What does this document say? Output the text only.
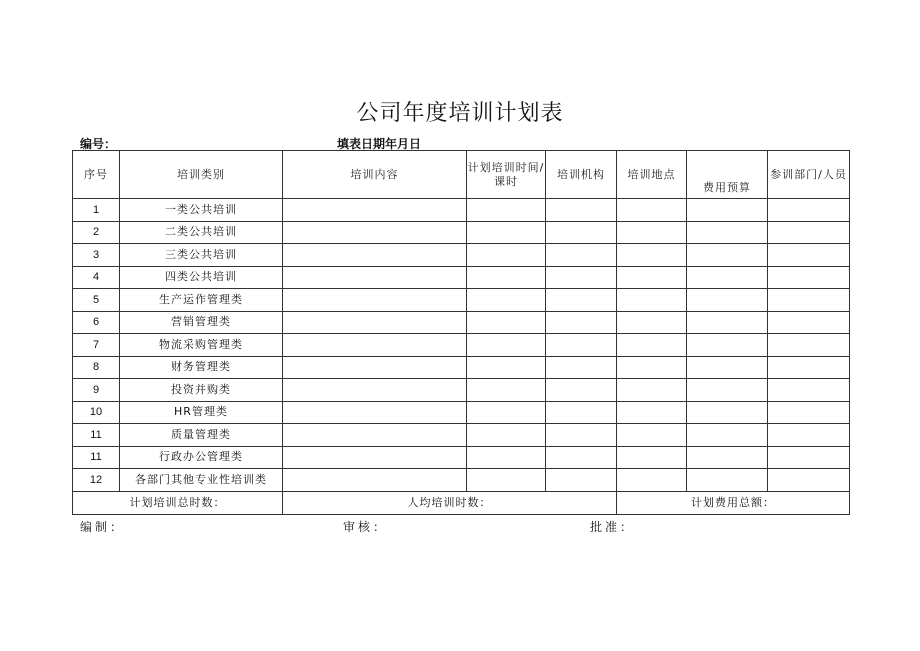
公司年度培训计划表
编号：	填表日期年月日
序号	培训类别	培训内容	计划培训时间/课时	培训机构	培训地点	费用预算	参训部门/人员
1	一类公共培训						
2	二类公共培训						
3	三类公共培训						
4	四类公共培训						
5	生产运作管理类						
6	营销管理类						
7	物流采购管理类						
8	财务管理类						
9	投资并购类						
10	HR管理类						
11	质量管理类						
11	行政办公管理类						
12	各部门其他专业性培训类						
计划培训总时数：		人均培训时数：			计划费用总额：		
编制：	审核：	批准：
